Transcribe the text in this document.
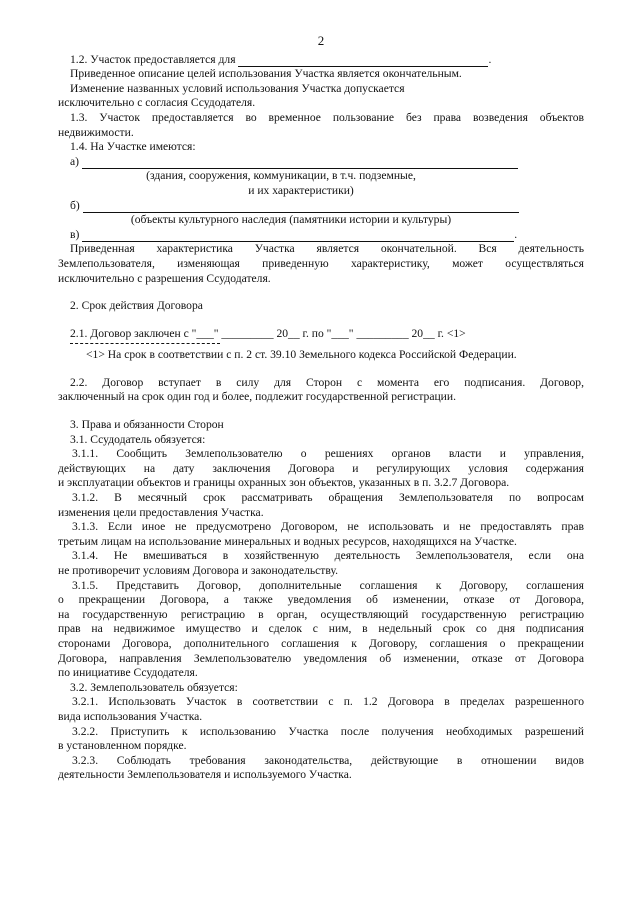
2

1.2. Участок предоставляется для	.

Приведенное описание целей использования Участка является окончательным.

Изменение названных условий использования Участка допускается

исключительно с согласия Ссудодателя.

1.3. Участок предоставляется во временное пользование без права возведения объектов

недвижимости.

1.4. На Участке имеются:

а)

(здания, сооружения, коммуникации, в т.ч. подземные,

и их характеристики)

б)

(объекты культурного наследия (памятники истории и культуры)

в)	.

Приведенная характеристика Участка является окончательной. Вся деятельность

Землепользователя, изменяющая приведенную характеристику, может осуществляться

исключительно с разрешения Ссудодателя.

2. Срок действия Договора

2.1. Договор заключен с "___" _________ 20__ г. по "___" _________ 20__ г. <1>

<1> На срок в соответствии с п. 2 ст. 39.10 Земельного кодекса Российской Федерации.

2.2. Договор вступает в силу для Сторон с момента его подписания. Договор,

заключенный на срок один год и более, подлежит государственной регистрации.

3. Права и обязанности Сторон

3.1. Ссудодатель обязуется:

3.1.1. Сообщить Землепользователю о решениях органов власти и управления,

действующих на дату заключения Договора и регулирующих условия содержания

и эксплуатации объектов и границы охранных зон объектов, указанных в п. 3.2.7 Договора.

3.1.2. В месячный срок рассматривать обращения Землепользователя по вопросам

изменения цели предоставления Участка.

3.1.3. Если иное не предусмотрено Договором, не использовать и не предоставлять прав

третьим лицам на использование минеральных и водных ресурсов, находящихся на Участке.

3.1.4. Не вмешиваться в хозяйственную деятельность Землепользователя, если она

не противоречит условиям Договора и законодательству.

3.1.5. Представить Договор, дополнительные соглашения к Договору, соглашения

о прекращении Договора, а также уведомления об изменении, отказе от Договора,

на государственную регистрацию в орган, осуществляющий государственную регистрацию

прав на недвижимое имущество и сделок с ним, в недельный срок со дня подписания

сторонами Договора, дополнительного соглашения к Договору, соглашения о прекращении

Договора, направления Землепользователю уведомления об изменении, отказе от Договора

по инициативе Ссудодателя.

3.2. Землепользователь обязуется:

3.2.1. Использовать Участок в соответствии с п. 1.2 Договора в пределах разрешенного

вида использования Участка.

3.2.2. Приступить к использованию Участка после получения необходимых разрешений

в установленном порядке.

3.2.3. Соблюдать требования законодательства, действующие в отношении видов

деятельности Землепользователя и используемого Участка.
